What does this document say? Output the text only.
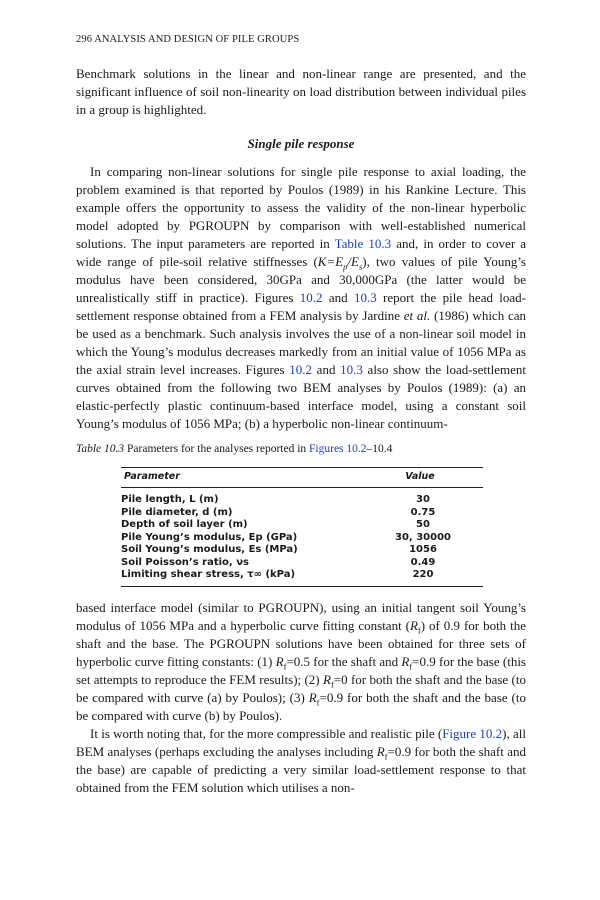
296 ANALYSIS AND DESIGN OF PILE GROUPS

Benchmark solutions in the linear and non-linear range are presented, and the significant influence of soil non-linearity on load distribution between individual piles in a group is highlighted.

Single pile response

In comparing non-linear solutions for single pile response to axial loading, the problem examined is that reported by Poulos (1989) in his Rankine Lecture. This example offers the opportunity to assess the validity of the non-linear hyperbolic model adopted by PGROUPN by comparison with well-established numerical solutions. The input parameters are reported in Table 10.3 and, in order to cover a wide range of pile-soil relative stiffnesses $(K=E_p/E_s)$, two values of pile Young’s modulus have been considered, 30GPa and 30,000GPa (the latter would be unrealistically stiff in practice). Figures 10.2 and 10.3 report the pile head load-settlement response obtained from a FEM analysis by Jardine et al. (1986) which can be used as a benchmark. Such analysis involves the use of a non-linear soil model in which the Young’s modulus decreases markedly from an initial value of 1056 MPa as the axial strain level increases. Figures 10.2 and 10.3 also show the load-settlement curves obtained from the following two BEM analyses by Poulos (1989): (a) an elastic-perfectly plastic continuum-based interface model, using a constant soil Young’s modulus of 1056 MPa; (b) a hyperbolic non-linear continuum-

Table 10.3 Parameters for the analyses reported in Figures 10.2–10.4
Parameter	Value
Pile length, L (m)	30
Pile diameter, d (m)	0.75
Depth of soil layer (m)	50
Pile Young’s modulus, Ep (GPa)	30, 30000
Soil Young’s modulus, Es (MPa)	1056
Soil Poisson’s ratio, νs	0.49
Limiting shear stress, τ∞ (kPa)	220

based interface model (similar to PGROUPN), using an initial tangent soil Young’s modulus of 1056 MPa and a hyperbolic curve fitting constant $(R_f)$ of 0.9 for both the shaft and the base. The PGROUPN solutions have been obtained for three sets of hyperbolic curve fitting constants: (1) $R_f=0.5$ for the shaft and $R_f=0.9$ for the base (this set attempts to reproduce the FEM results); (2) $R_f=0$ for both the shaft and the base (to be compared with curve (a) by Poulos); (3) $R_f=0.9$ for both the shaft and the base (to be compared with curve (b) by Poulos).

It is worth noting that, for the more compressible and realistic pile (Figure 10.2), all BEM analyses (perhaps excluding the analyses including $R_f=0.9$ for both the shaft and the base) are capable of predicting a very similar load-settlement response to that obtained from the FEM solution which utilises a non-
